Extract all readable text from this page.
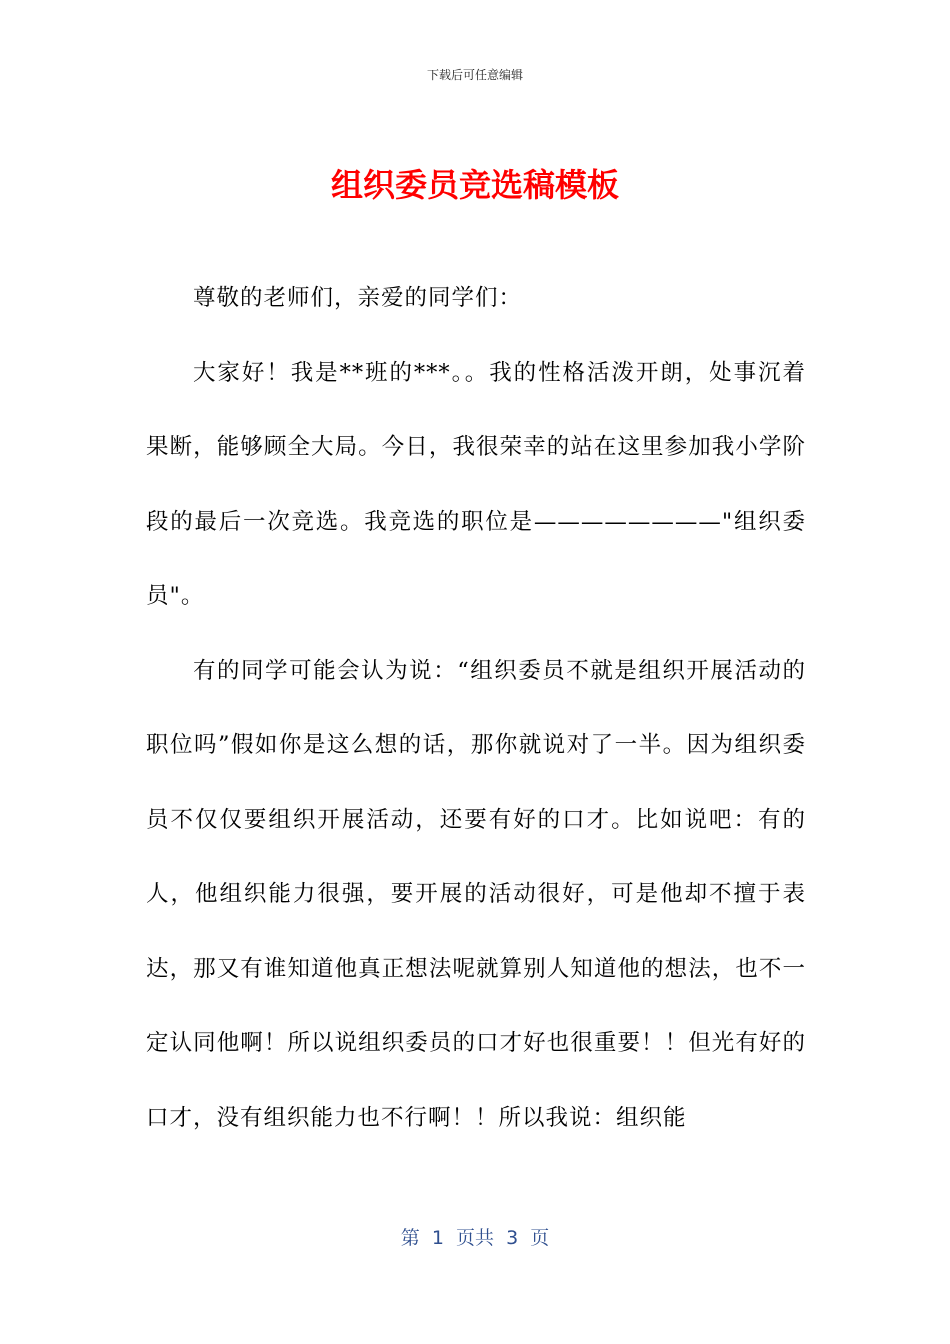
下载后可任意编辑
组织委员竞选稿模板

尊敬的老师们，亲爱的同学们：

大家好！我是**班的***。。我的性格活泼开朗，处事沉着果断，能够顾全大局。今日，我很荣幸的站在这里参加我小学阶段的最后一次竞选。我竞选的职位是————————"组织委员"。

有的同学可能会认为说：“组织委员不就是组织开展活动的职位吗”假如你是这么想的话，那你就说对了一半。因为组织委员不仅仅要组织开展活动，还要有好的口才。比如说吧：有的人，他组织能力很强，要开展的活动很好，可是他却不擅于表达，那又有谁知道他真正想法呢就算别人知道他的想法，也不一定认同他啊！所以说组织委员的口才好也很重要！！但光有好的口才，没有组织能力也不行啊！！所以我说：组织能

第  1  页共  3  页
